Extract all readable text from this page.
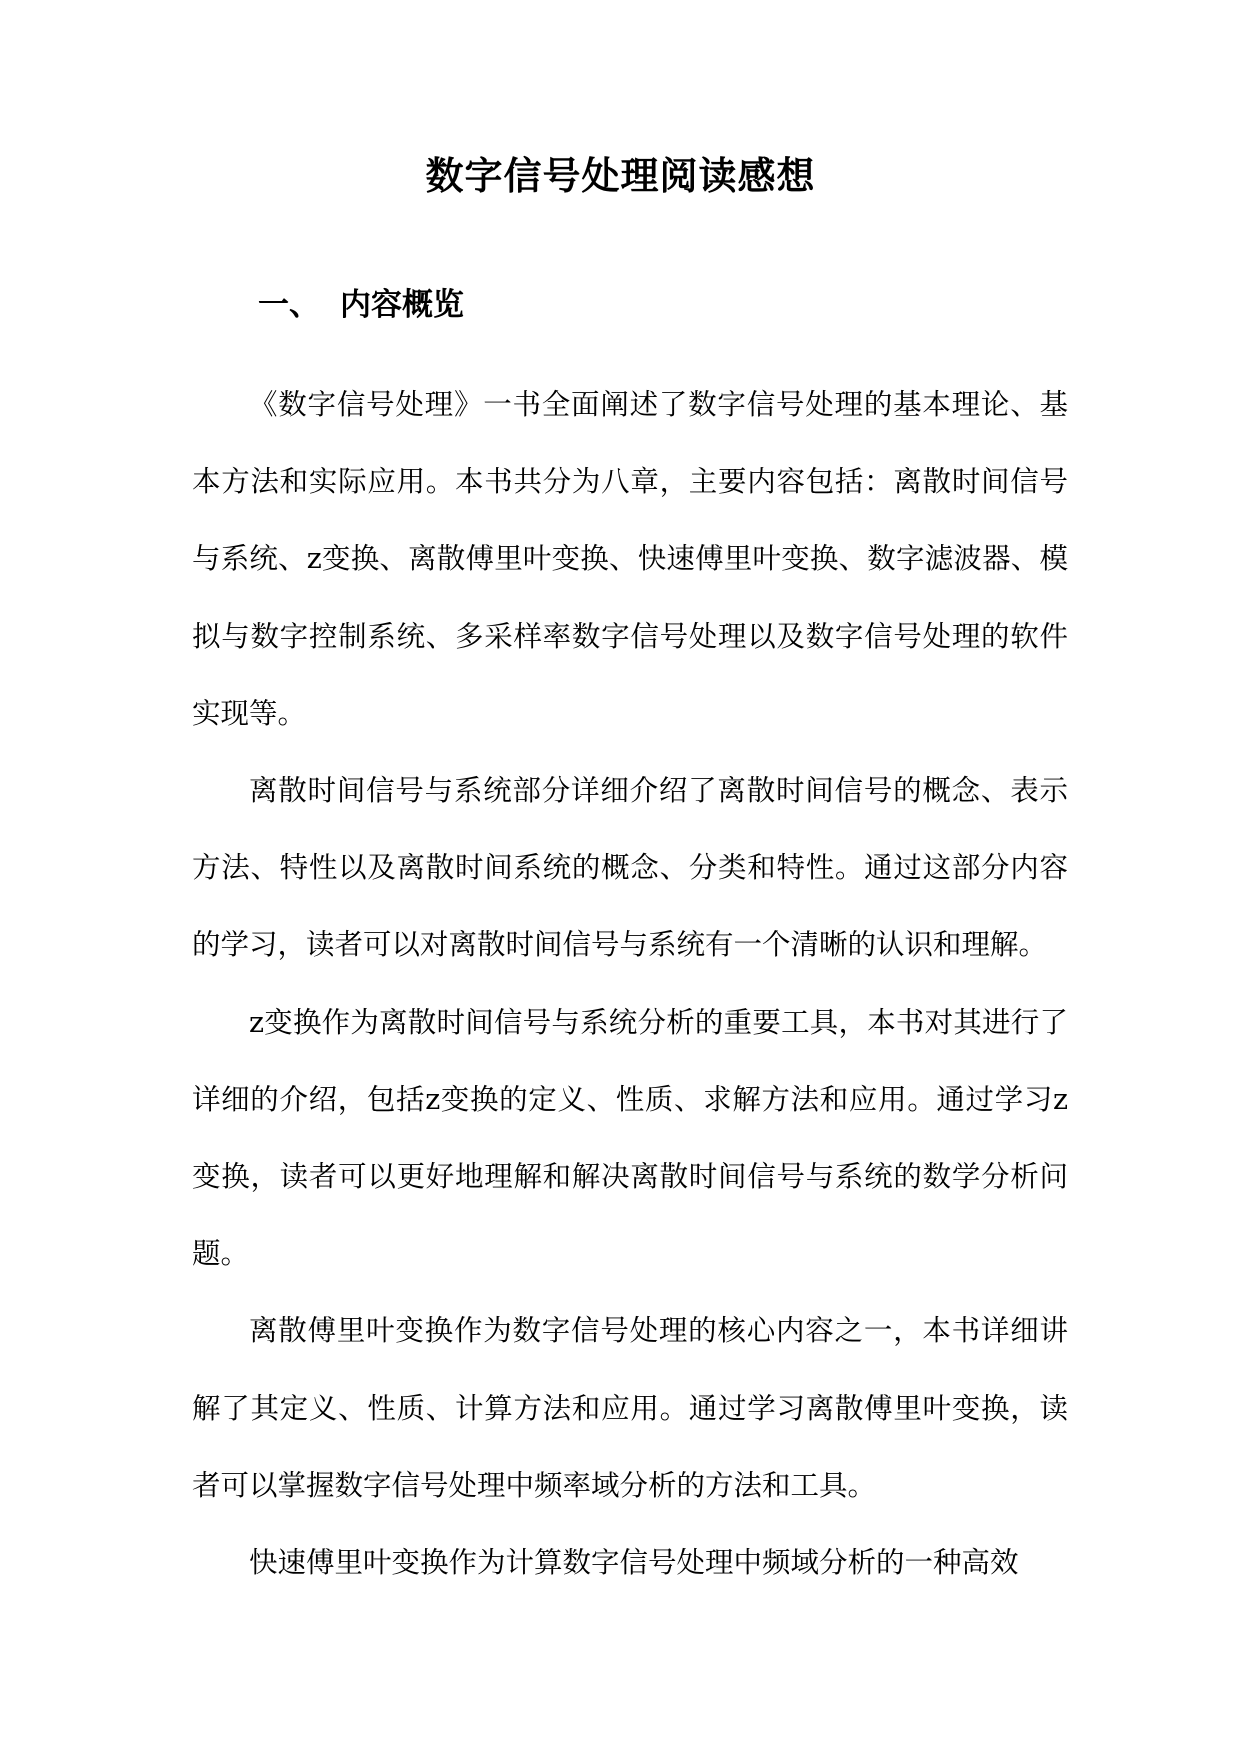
数字信号处理阅读感想
一、 内容概览

《数字信号处理》一书全面阐述了数字信号处理的基本理论、基本方法和实际应用。本书共分为八章，主要内容包括：离散时间信号与系统、z变换、离散傅里叶变换、快速傅里叶变换、数字滤波器、模拟与数字控制系统、多采样率数字信号处理以及数字信号处理的软件实现等。

离散时间信号与系统部分详细介绍了离散时间信号的概念、表示方法、特性以及离散时间系统的概念、分类和特性。通过这部分内容的学习，读者可以对离散时间信号与系统有一个清晰的认识和理解。

z变换作为离散时间信号与系统分析的重要工具，本书对其进行了详细的介绍，包括z变换的定义、性质、求解方法和应用。通过学习z变换，读者可以更好地理解和解决离散时间信号与系统的数学分析问题。

离散傅里叶变换作为数字信号处理的核心内容之一，本书详细讲解了其定义、性质、计算方法和应用。通过学习离散傅里叶变换，读者可以掌握数字信号处理中频率域分析的方法和工具。

快速傅里叶变换作为计算数字信号处理中频域分析的一种高效
